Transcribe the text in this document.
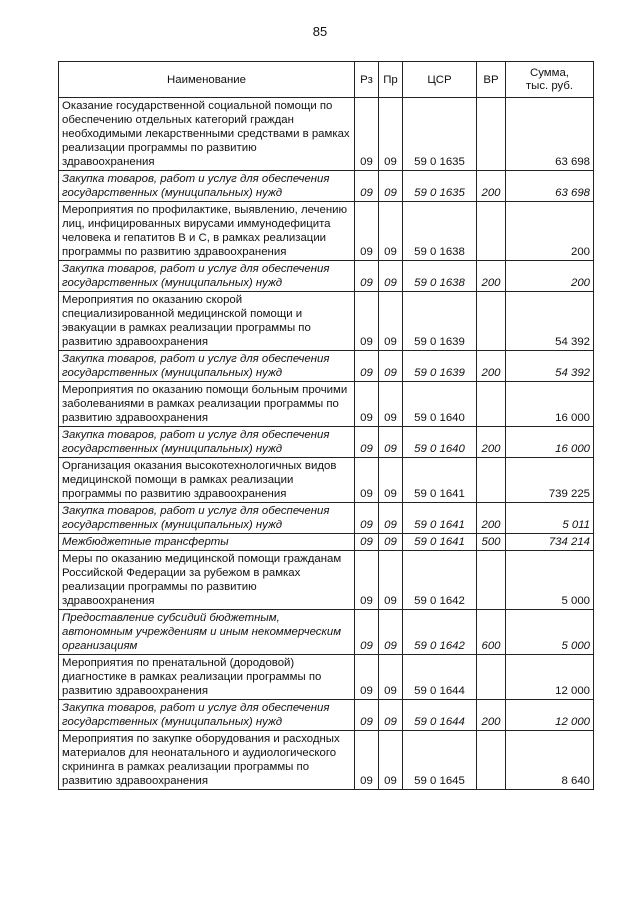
85
Наименование	Рз	Пр	ЦСР	ВР	Сумма,
тыс. руб.

Оказание государственной социальной помощи по обеспечению отдельных категорий граждан необходимыми лекарственными средствами в рамках реализации программы по развитию здравоохранения	09	09	59 0 1635		63 698
Закупка товаров, работ и услуг для обеспечения государственных (муниципальных) нужд	09	09	59 0 1635	200	63 698
Мероприятия по профилактике, выявлению, лечению лиц, инфицированных вирусами иммунодефицита человека и гепатитов В и С, в рамках реализации программы по развитию здравоохранения	09	09	59 0 1638		200
Закупка товаров, работ и услуг для обеспечения государственных (муниципальных) нужд	09	09	59 0 1638	200	200
Мероприятия по оказанию скорой специализированной медицинской помощи и эвакуации в рамках реализации программы по развитию здравоохранения	09	09	59 0 1639		54 392
Закупка товаров, работ и услуг для обеспечения государственных (муниципальных) нужд	09	09	59 0 1639	200	54 392
Мероприятия по оказанию помощи больным прочими заболеваниями в рамках реализации программы по развитию здравоохранения	09	09	59 0 1640		16 000
Закупка товаров, работ и услуг для обеспечения государственных (муниципальных) нужд	09	09	59 0 1640	200	16 000
Организация оказания высокотехнологичных видов медицинской помощи в рамках реализации программы по развитию здравоохранения	09	09	59 0 1641		739 225
Закупка товаров, работ и услуг для обеспечения государственных (муниципальных) нужд	09	09	59 0 1641	200	5 011
Межбюджетные трансферты	09	09	59 0 1641	500	734 214
Меры по оказанию медицинской помощи гражданам Российской Федерации за рубежом в рамках реализации программы по развитию здравоохранения	09	09	59 0 1642		5 000
Предоставление субсидий бюджетным, автономным учреждениям и иным некоммерческим организациям	09	09	59 0 1642	600	5 000
Мероприятия по пренатальной (дородовой) диагностике в рамках реализации программы по развитию здравоохранения	09	09	59 0 1644		12 000
Закупка товаров, работ и услуг для обеспечения государственных (муниципальных) нужд	09	09	59 0 1644	200	12 000
Мероприятия по закупке оборудования и расходных материалов для неонатального и аудиологического скрининга в рамках реализации программы по развитию здравоохранения	09	09	59 0 1645		8 640
